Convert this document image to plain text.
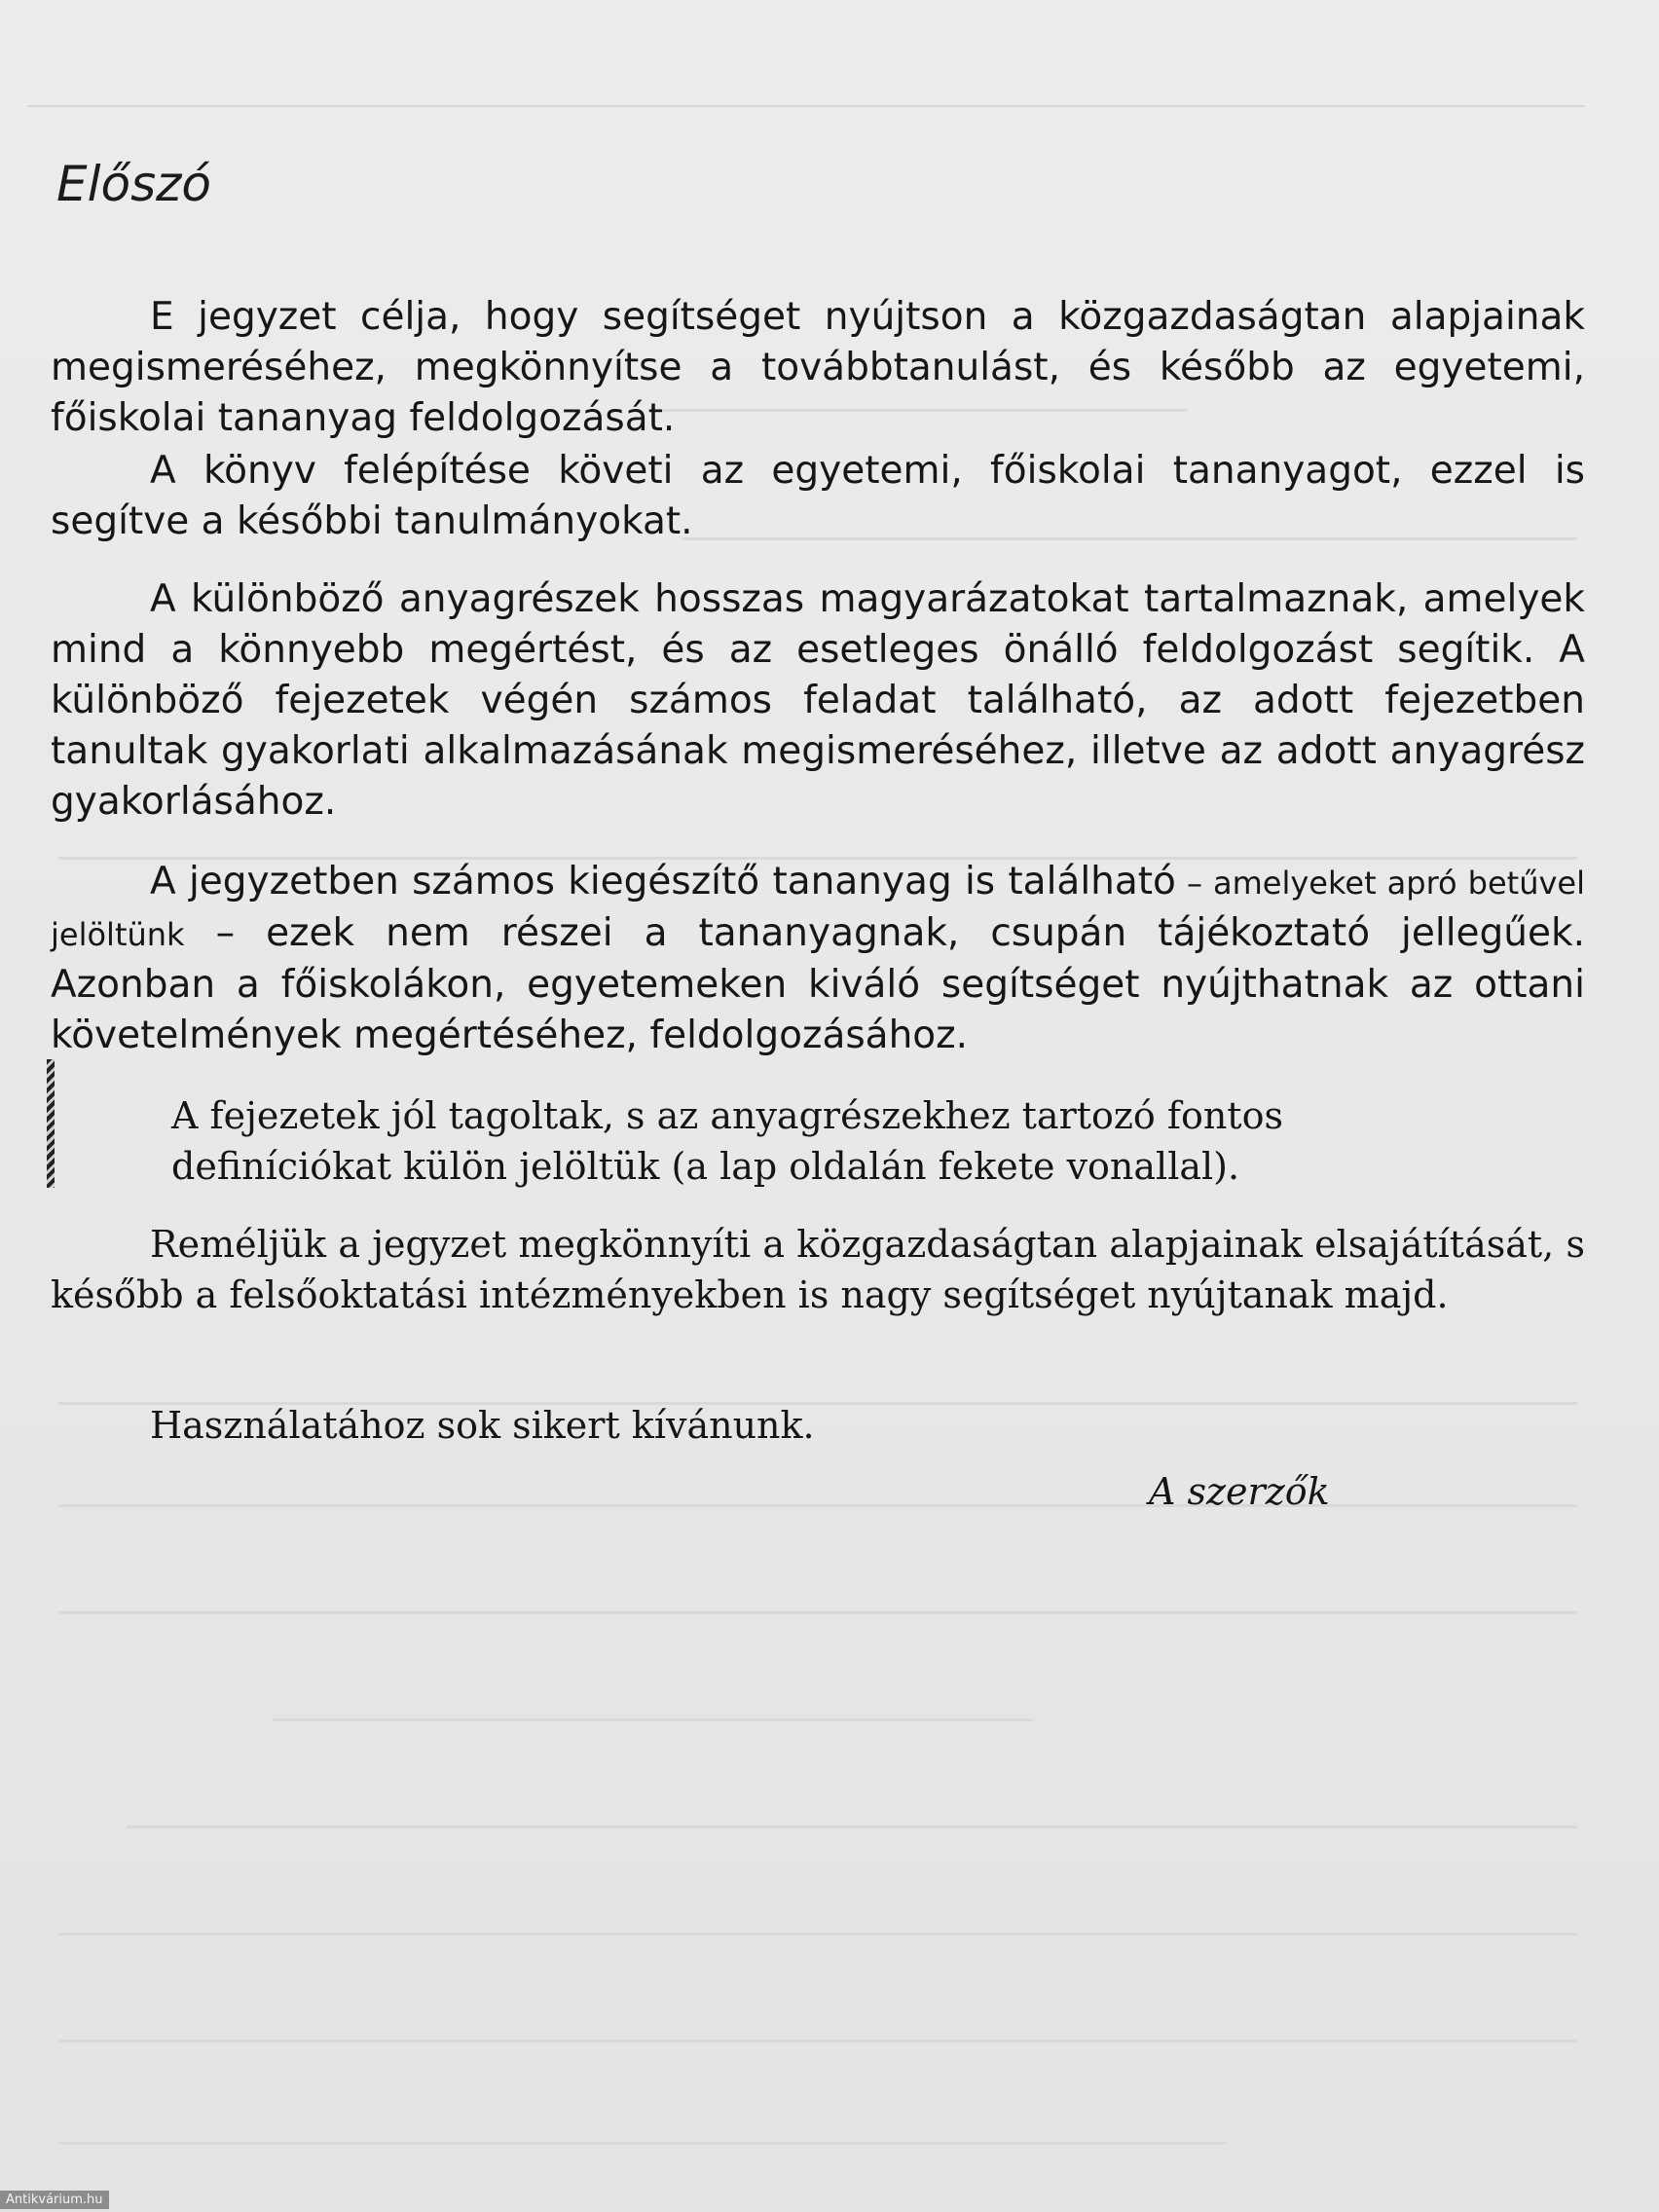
Előszó

E jegyzet célja, hogy segítséget nyújtson a közgazdaságtan alapjainak megismeréséhez, megkönnyítse a továbbtanulást, és később az egyetemi, főiskolai tananyag feldolgozását.

A könyv felépítése követi az egyetemi, főiskolai tananyagot, ezzel is segítve a későbbi tanulmányokat.

A különböző anyagrészek hosszas magyarázatokat tartalmaznak, amelyek mind a könnyebb megértést, és az esetleges önálló feldolgozást segítik. A különböző fejezetek végén számos feladat található, az adott fejezetben tanultak gyakorlati alkalmazásának megismeréséhez, illetve az adott anyagrész gyakorlásához.

A jegyzetben számos kiegészítő tananyag is található – amelyeket apró betűvel jelöltünk – ezek nem részei a tananyagnak, csupán tájékoztató jellegűek. Azonban a főiskolákon, egyetemeken kiváló segítséget nyújthatnak az ottani követelmények megértéséhez, feldolgozásához.

A fejezetek jól tagoltak, s az anyagrészekhez tartozó fontos definíciókat külön jelöltük (a lap oldalán fekete vonallal).

Reméljük a jegyzet megkönnyíti a közgazdaságtan alapjainak elsajátítását, s később a felsőoktatási intézményekben is nagy segítséget nyújtanak majd.

Használatához sok sikert kívánunk.

A szerzők
Antikvárium.hu
